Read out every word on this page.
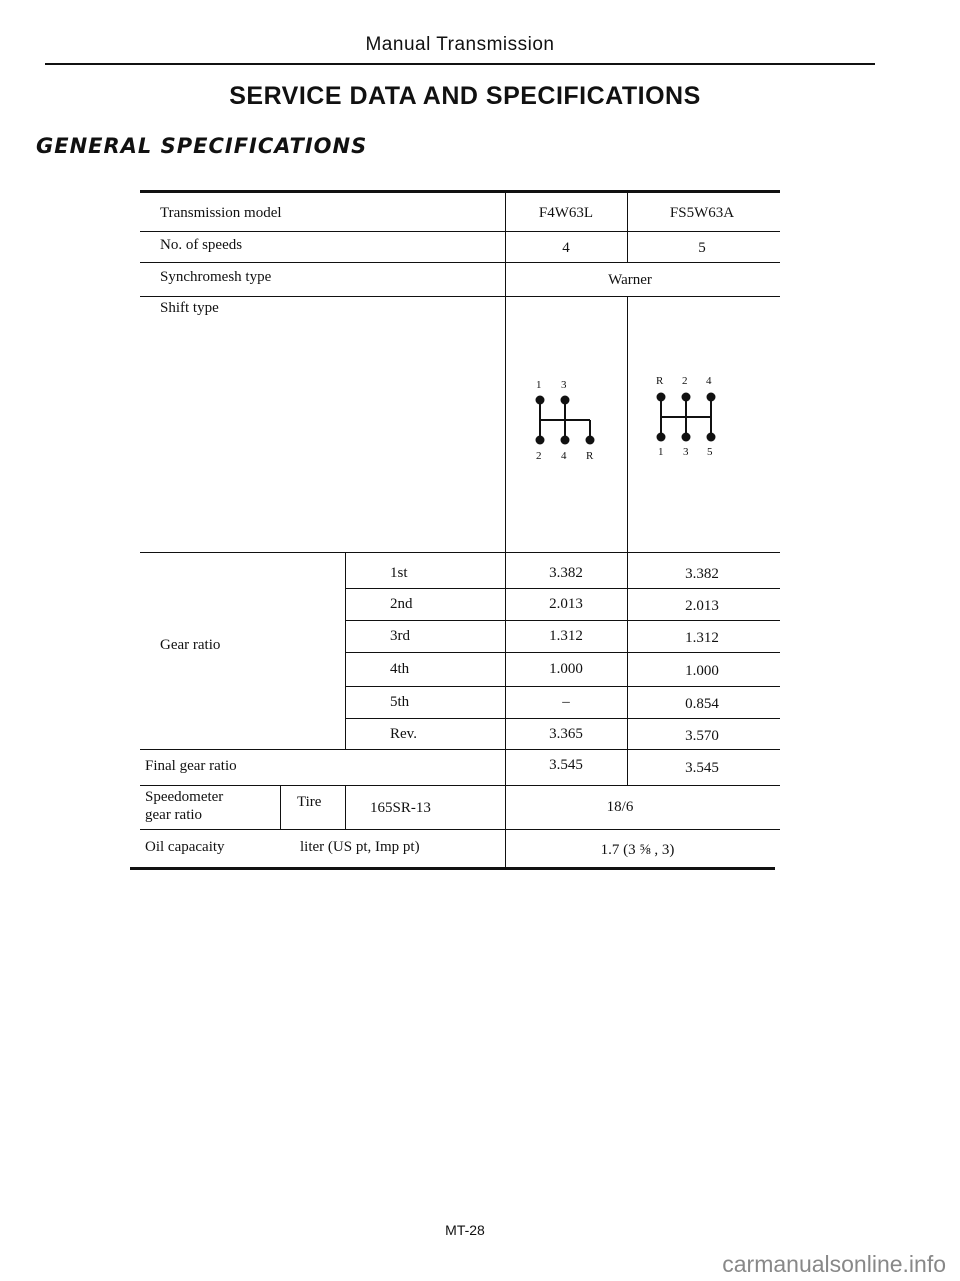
Manual Transmission
SERVICE DATA AND SPECIFICATIONS
GENERAL SPECIFICATIONS
Transmission model	F4W63L	FS5W63A
No. of speeds	4	5
Synchromesh type	Warner
Shift type
1 3
2 4 R
R 2 4
1 3 5
Gear ratio
1st	3.382	3.382
2nd	2.013	2.013
3rd	1.312	1.312
4th	1.000	1.000
5th	–	0.854
Rev.	3.365	3.570
Final gear ratio	3.545	3.545
Speedometer
gear ratio
Tire	165SR-13	18/6
Oil capacaity	liter (US pt, Imp pt)	1.7 (3 ⅝ , 3)
MT-28
carmanualsonline.info
